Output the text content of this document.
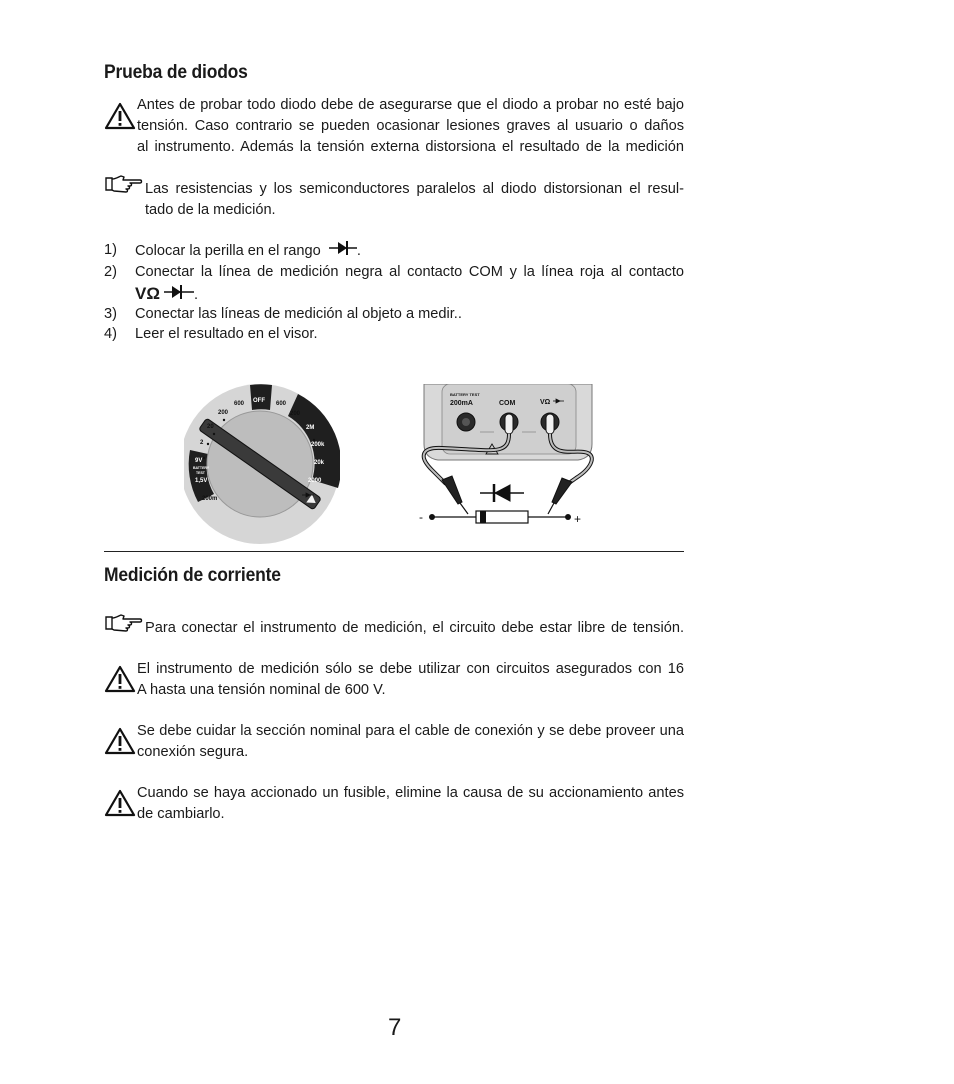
Prueba de diodos
Antes de probar todo diodo debe de asegurarse que el diodo a probar no esté bajo
tensión. Caso contrario se pueden ocasionar lesiones graves al usuario o daños
al instrumento. Además la tensión externa distorsiona el resultado de la medición
Las resistencias y los semiconductores paralelos al diodo distorsionan el resul-
tado de la medición.
1) Colocar la perilla en el rango .
2) Conectar la línea de medición negra al contacto COM y la línea roja al contacto
VΩ .
3) Conectar las líneas de medición al objeto a medir..
4) Leer el resultado en el visor.
OFF
600
200
20
2
600
200
2M
200k
20k
2000
9V
BATTERY
TEST
1,5V
200m
BATTERY TEST
200mA	COM	VΩ
-	+
Medición de corriente
Para conectar el instrumento de medición, el circuito debe estar libre de tensión.
El instrumento de medición sólo se debe utilizar con circuitos asegurados con 16
A hasta una tensión nominal de 600 V.
Se debe cuidar la sección nominal para el cable de conexión y se debe proveer una
conexión segura.
Cuando se haya accionado un fusible, elimine la causa de su accionamiento antes
de cambiarlo.
7
